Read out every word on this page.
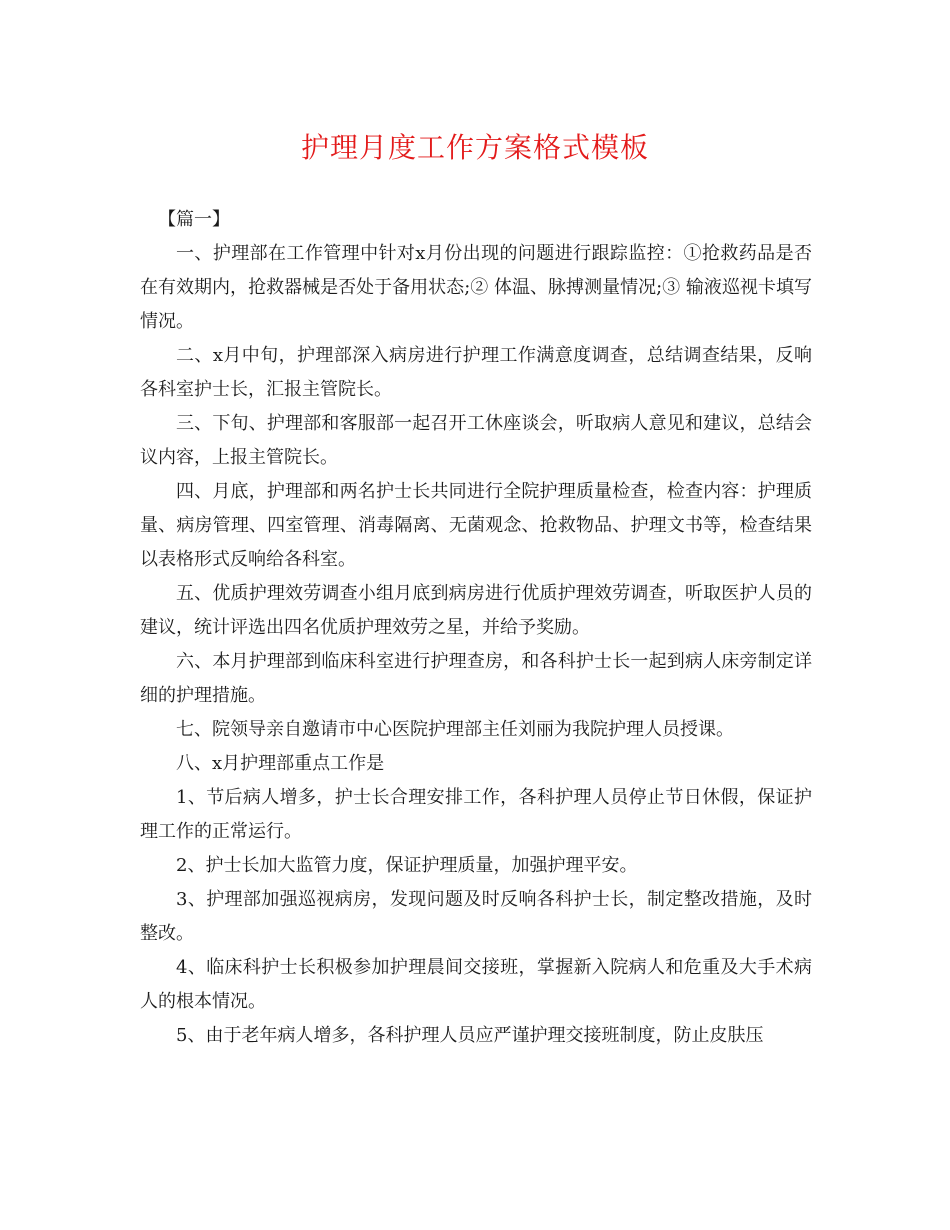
护理月度工作方案格式模板

【篇一】

一、护理部在工作管理中针对x月份出现的问题进行跟踪监控：①抢救药品是否在有效期内，抢救器械是否处于备用状态;② 体温、脉搏测量情况;③ 输液巡视卡填写情况。

二、x月中旬，护理部深入病房进行护理工作满意度调查，总结调查结果，反响各科室护士长，汇报主管院长。

三、下旬、护理部和客服部一起召开工休座谈会，听取病人意见和建议，总结会议内容，上报主管院长。

四、月底，护理部和两名护士长共同进行全院护理质量检查，检查内容：护理质量、病房管理、四室管理、消毒隔离、无菌观念、抢救物品、护理文书等，检查结果以表格形式反响给各科室。

五、优质护理效劳调查小组月底到病房进行优质护理效劳调查，听取医护人员的建议，统计评选出四名优质护理效劳之星，并给予奖励。

六、本月护理部到临床科室进行护理查房，和各科护士长一起到病人床旁制定详细的护理措施。

七、院领导亲自邀请市中心医院护理部主任刘丽为我院护理人员授课。

八、x月护理部重点工作是

1、节后病人增多，护士长合理安排工作，各科护理人员停止节日休假，保证护理工作的正常运行。

2、护士长加大监管力度，保证护理质量，加强护理平安。

3、护理部加强巡视病房，发现问题及时反响各科护士长，制定整改措施，及时整改。

4、临床科护士长积极参加护理晨间交接班，掌握新入院病人和危重及大手术病人的根本情况。

5、由于老年病人增多，各科护理人员应严谨护理交接班制度，防止皮肤压
